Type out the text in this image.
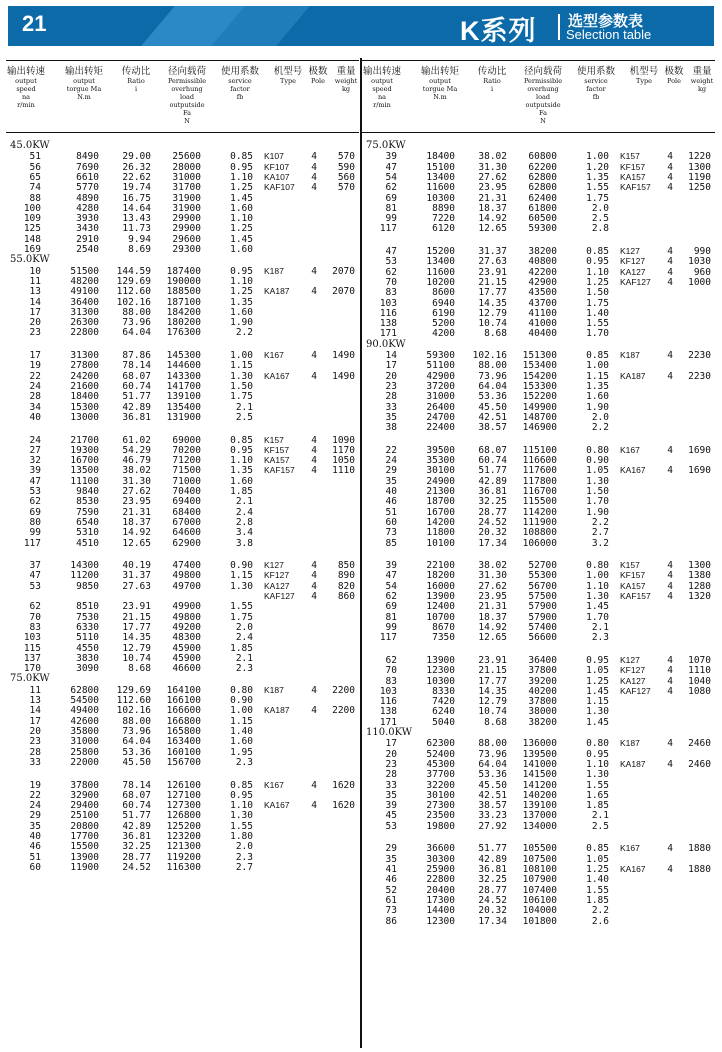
21	K系列 选型参数表
Selection table
输出转速
output speed
na
r/min
输出转矩
output
torgue Ma
N.m
传动比
Ratio
i
径向载荷
Permissible
overhung
load
outputside
Fa
N
使用系数
service
factor
fb
机型号
Type
极数
Pole
重量
weight
kg
45.0KW
51	8490 29.00 25600	0.85 K107	4 570
56	7690 26.32 28000	0.95 KF107 4 590
65	6610 22.62 31000	1.10 KA107 4 560
74	5770 19.74 31700	1.25 KAF107 4 570
88	4890 16.75 31900	1.45
100	4280 14.64 31900	1.60
109	3930 13.43 29900	1.10
125	3430 11.73 29900	1.25
148	2910	9.94 29600	1.45
169	2540	8.69 29300	1.60
55.0KW
10	51500 144.59 187400	0.95 K187	4 2070
11	48200 129.69 190000	1.10
13	49100 112.60 188500	1.25 KA187 4 2070
14	36400 102.16 187100	1.35
17	31300 88.00 184200	1.60
20	26300 73.96 180200	1.90
23	22800 64.04 176300	2.2
17	31300 87.86 145300	1.00 K167	4 1490
19	27800 78.14 144600	1.15
22	24200 68.07 143300	1.30 KA167 4 1490
24	21600 60.74 141700	1.50
28	18400 51.77 139100	1.75
34	15300 42.89 135400	2.1
40	13000 36.81 131900	2.5
24	21700 61.02 69000	0.85 K157	4 1090
27	19300 54.29 70200	0.95 KF157 4 1170
32	16700 46.79 71200	1.10 KA157 4 1050
39	13500 38.02 71500	1.35 KAF157 4 1110
47	11100 31.30 71000	1.60
53	9840 27.62 70400	1.85
62	8530 23.95 69400	2.1
69	7590 21.31 68400	2.4
80	6540 18.37 67000	2.8
99	5310 14.92 64600	3.4
117	4510 12.65 62900	3.8
37	14300 40.19 47400	0.90 K127	4 850
47	11200 31.37 49800	1.15 KF127 4 890
53	9850 27.63 49700	1.30 KA127 4 820
KAF127 4 860
62	8510 23.91 49900	1.55
70	7530 21.15 49800	1.75
83	6330 17.77 49200	2.0
103	5110 14.35 48300	2.4
115	4550 12.79 45900	1.85
137	3830 10.74 45900	2.1
170	3090	8.68 46600	2.3
75.0KW
11	62800 129.69 164100	0.80 K187	4 2200
13	54500 112.60 166100	0.90
14	49400 102.16 166600	1.00 KA187 4 2200
17	42600 88.00 166800	1.15
20	35800 73.96 165800	1.40
23	31000 64.04 163400	1.60
28	25800 53.36 160100	1.95
33	22000 45.50 156700	2.3
19	37800 78.14 126100	0.85 K167	4 1620
22	32900 68.07 127100	0.95
24	29400 60.74 127300	1.10 KA167 4 1620
29	25100 51.77 126800	1.30
35	20800 42.89 125200	1.55
40	17700 36.81 123200	1.80
46	15500 32.25 121300	2.0
51	13900 28.77 119200	2.3
60	11900 24.52 116300	2.7
输出转速
output speed
na
r/min
输出转矩
output
torgue Ma
N.m
传动比
Ratio
i
径向载荷
Permissible
overhung
load
outputside
Fa
N
使用系数
service
factor
fb
机型号
Type
极数
Pole
重量
weight
kg
75.0KW
39	18400 38.02 60800	1.00 K157	4 1220
47	15100 31.30 62200	1.20 KF157 4 1300
54	13400 27.62 62800	1.35 KA157 4 1190
62	11600 23.95 62800	1.55 KAF157 4 1250
69	10300 21.31 62400	1.75
81	8890 18.37 61800	2.0
99	7220 14.92 60500	2.5
117	6120 12.65 59300	2.8
47	15200 31.37 38200	0.85 K127	4 990
53	13400 27.63 40800	0.95 KF127 4 1030
62	11600 23.91 42200	1.10 KA127 4 960
70	10200 21.15 42900	1.25 KAF127 4 1000
83	8600 17.77 43500	1.50
103	6940 14.35 43700	1.75
116	6190 12.79 41100	1.40
138	5200 10.74 41000	1.55
171	4200	8.68 40400	1.70
90.0KW
14	59300 102.16 151300	0.85 K187	4 2230
17	51100 88.00 153400	1.00
20	42900 73.96 154200	1.15 KA187 4 2230
23	37200 64.04 153300	1.35
28	31000 53.36 152200	1.60
33	26400 45.50 149900	1.90
35	24700 42.51 148700	2.0
38	22400 38.57 146900	2.2
22	39500 68.07 115100	0.80 K167	4 1690
24	35300 60.74 116600	0.90
29	30100 51.77 117600	1.05 KA167 4 1690
35	24900 42.89 117800	1.30
40	21300 36.81 116700	1.50
46	18700 32.25 115500	1.70
51	16700 28.77 114200	1.90
60	14200 24.52 111900	2.2
73	11800 20.32 108800	2.7
85	10100 17.34 106000	3.2
39	22100 38.02 52700	0.80 K157	4 1300
47	18200 31.30 55300	1.00 KF157 4 1380
54	16000 27.62 56700	1.10 KA157 4 1280
62	13900 23.95 57500	1.30 KAF157 4 1320
69	12400 21.31 57900	1.45
81	10700 18.37 57900	1.70
99	8670 14.92 57400	2.1
117	7350 12.65 56600	2.3
62	13900 23.91 36400	0.95 K127	4 1070
70	12300 21.15 37800	1.05 KF127 4 1110
83	10300 17.77 39200	1.25 KA127 4 1040
103	8330 14.35 40200	1.45 KAF127 4 1080
116	7420 12.79 37800	1.15
138	6240 10.74 38000	1.30
171	5040	8.68 38200	1.45
110.0KW
17	62300 88.00 136000	0.80 K187	4 2460
20	52400 73.96 139500	0.95
23	45300 64.04 141000	1.10 KA187 4 2460
28	37700 53.36 141500	1.30
33	32200 45.50 141200	1.55
35	30100 42.51 140200	1.65
39	27300 38.57 139100	1.85
45	23500 33.23 137000	2.1
53	19800 27.92 134000	2.5
29	36600 51.77 105500	0.85 K167	4 1880
35	30300 42.89 107500	1.05
41	25900 36.81 108100	1.25 KA167 4 1880
46	22800 32.25 107900	1.40
52	20400 28.77 107400	1.55
61	17300 24.52 106100	1.85
73	14400 20.32 104000	2.2
86	12300 17.34 101800	2.6
